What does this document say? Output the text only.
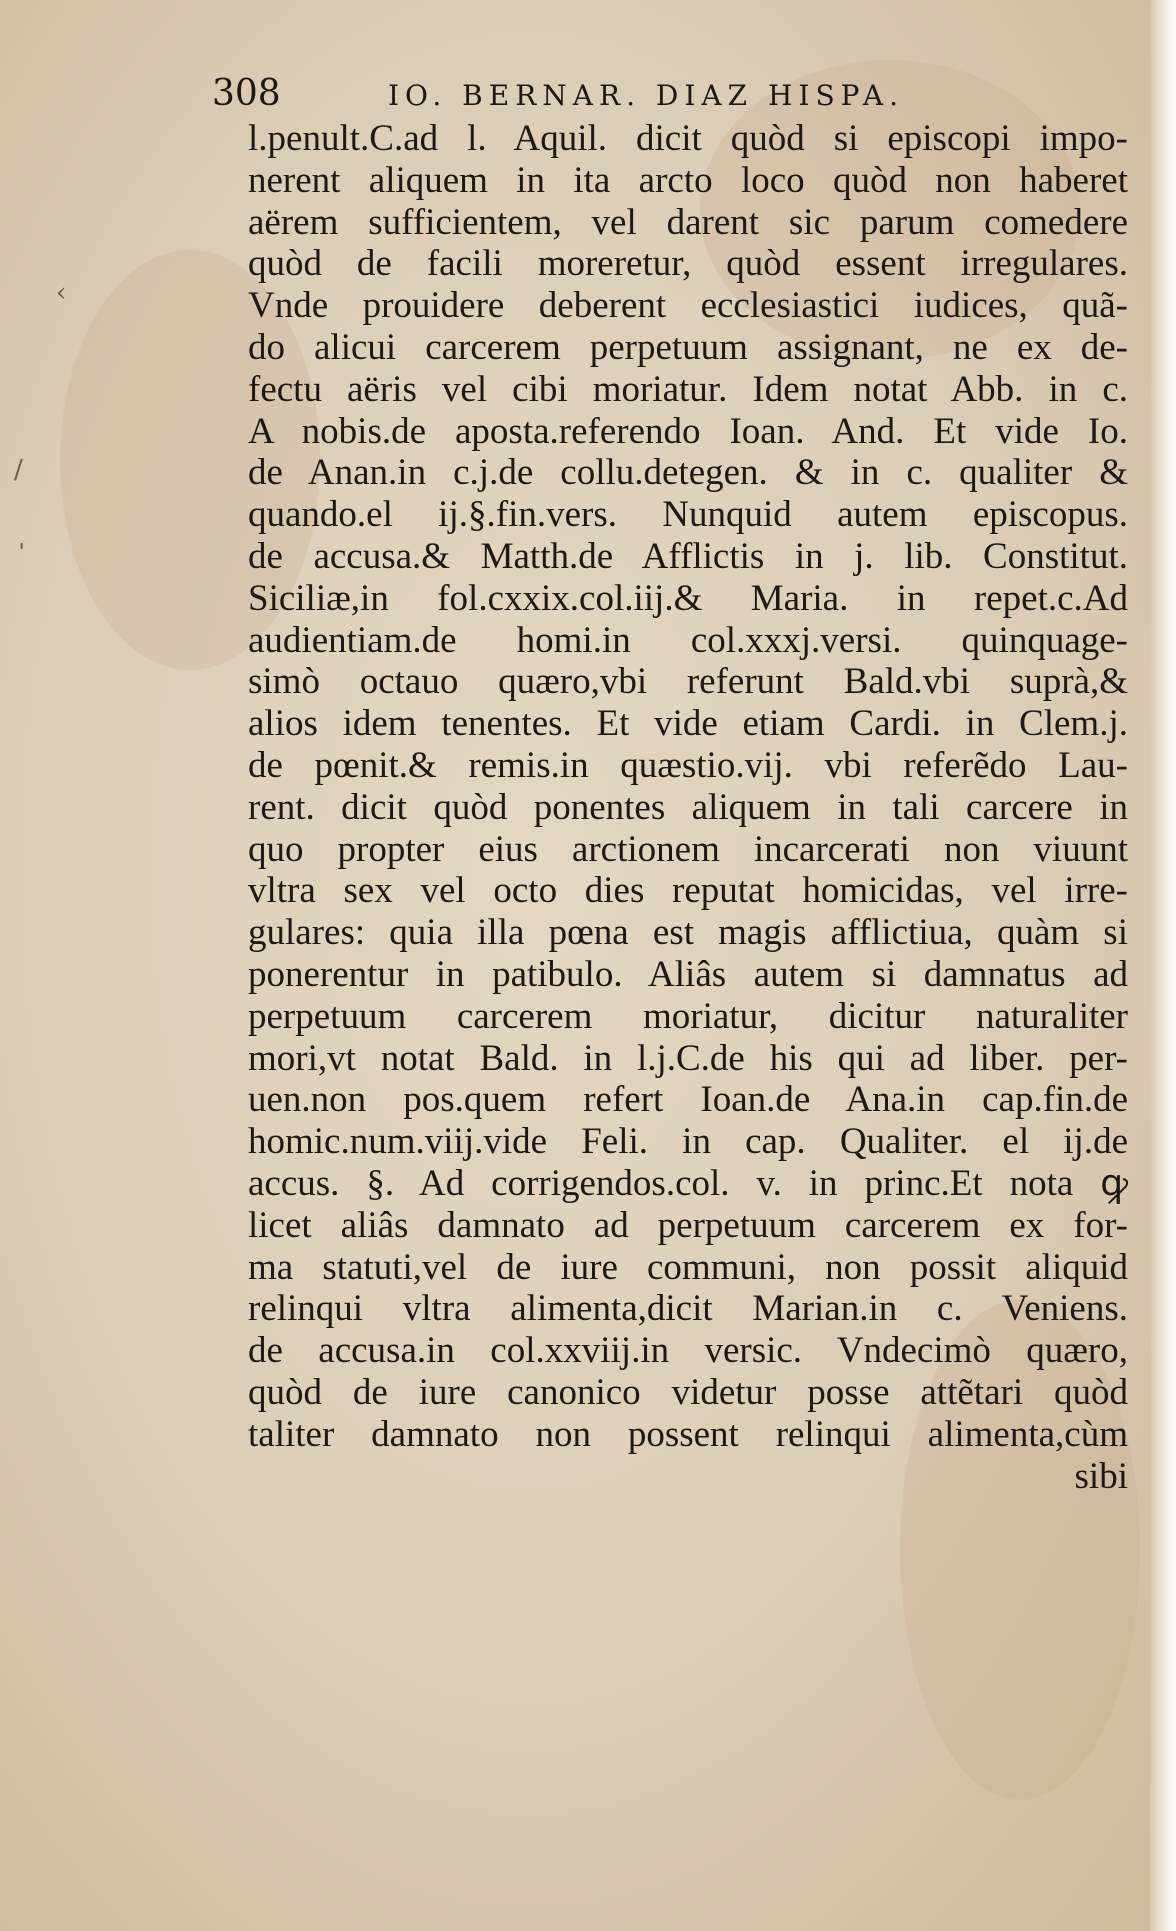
‹
/
ˈ
308	IO. BERNAR. DIAZ HISPA.
l.penult.C.ad l. Aquil. dicit quòd si episcopi impo-
nerent aliquem in ita arcto loco quòd non haberet
aërem sufficientem, vel darent sic parum comedere
quòd de facili moreretur, quòd essent irregulares.
Vnde prouidere deberent ecclesiastici iudices, quã-
do alicui carcerem perpetuum assignant, ne ex de-
fectu aëris vel cibi moriatur. Idem notat Abb. in c.
A nobis.de aposta.referendo Ioan. And. Et vide Io.
de Anan.in c.j.de collu.detegen. & in c. qualiter &
quando.el ij.§.fin.vers. Nunquid autem episcopus.
de accusa.& Matth.de Afflictis in j. lib. Constitut.
Siciliæ,in fol.cxxix.col.iij.& Maria. in repet.c.Ad
audientiam.de homi.in col.xxxj.versi. quinquage-
simò octauo quæro,vbi referunt Bald.vbi suprà,&
alios idem tenentes. Et vide etiam Cardi. in Clem.j.
de pœnit.& remis.in quæstio.vij. vbi referẽdo Lau-
rent. dicit quòd ponentes aliquem in tali carcere in
quo propter eius arctionem incarcerati non viuunt
vltra sex vel octo dies reputat homicidas, vel irre-
gulares: quia illa pœna est magis afflictiua, quàm si
ponerentur in patibulo. Aliâs autem si damnatus ad
perpetuum carcerem moriatur, dicitur naturaliter
mori,vt notat Bald. in l.j.C.de his qui ad liber. per-
uen.non pos.quem refert Ioan.de Ana.in cap.fin.de
homic.num.viij.vide Feli. in cap. Qualiter. el ij.de
accus. §. Ad corrigendos.col. v. in princ.Et nota ꝙ
licet aliâs damnato ad perpetuum carcerem ex for-
ma statuti,vel de iure communi, non possit aliquid
relinqui vltra alimenta,dicit Marian.in c. Veniens.
de accusa.in col.xxviij.in versic. Vndecimò quæro,
quòd de iure canonico videtur posse attẽtari quòd
taliter damnato non possent relinqui alimenta,cùm
sibi
